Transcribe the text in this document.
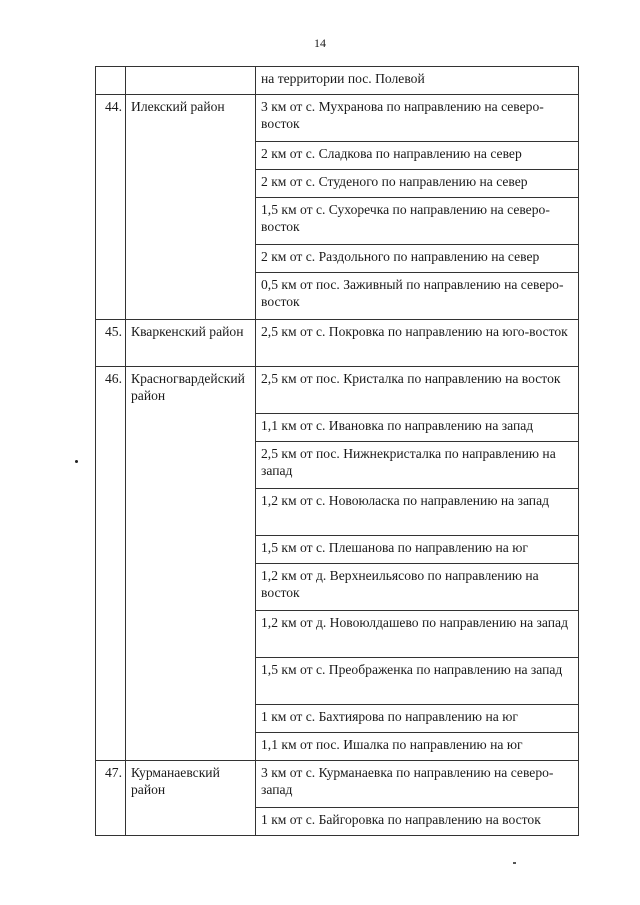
14
		на территории пос. Полевой
44.	Илекский район	3 км от с. Мухранова по направлению на северо-восток
		2 км от с. Сладкова по направлению на север
		2 км от с. Студеного по направлению на север
		1,5 км от с. Сухоречка по направлению на северо-восток
		2 км от с. Раздольного по направлению на север
		0,5 км от пос. Заживный по направлению на северо-восток
45.	Кваркенский район	2,5 км от с. Покровка по направлению на юго-восток
46.	Красногвардейский район	2,5 км от пос. Кристалка по направлению на восток
		1,1 км от с. Ивановка по направлению на запад
		2,5 км от пос. Нижнекристалка по направлению на запад
		1,2 км от с. Новоюласка по направлению на запад
		1,5 км от с. Плешанова по направлению на юг
		1,2 км от д. Верхнеильясово по направлению на восток
		1,2 км от д. Новоюлдашево по направлению на запад
		1,5 км от с. Преображенка по направлению на запад
		1 км от с. Бахтиярова по направлению на юг
		1,1 км от пос. Ишалка по направлению на юг
47.	Курманаевский район	3 км от с. Курманаевка по направлению на северо-запад
		1 км от с. Байгоровка по направлению на восток
